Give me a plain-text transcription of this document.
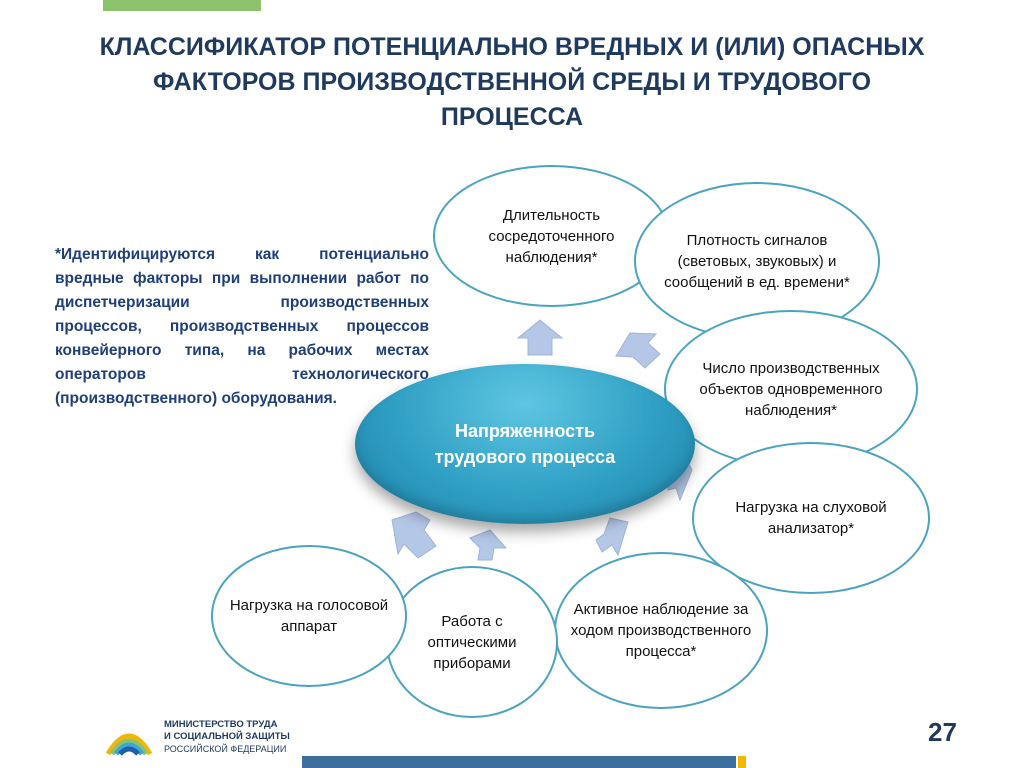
КЛАССИФИКАТОР ПОТЕНЦИАЛЬНО ВРЕДНЫХ И (ИЛИ) ОПАСНЫХ ФАКТОРОВ ПРОИЗВОДСТВЕННОЙ СРЕДЫ И ТРУДОВОГО ПРОЦЕССА
*Идентифицируются как потенциально вредные факторы при выполнении работ по диспетчеризации производственных процессов, производственных процессов конвейерного типа, на рабочих местах операторов технологического (производственного) оборудования.
Длительность сосредоточенного наблюдения*
Плотность сигналов (световых, звуковых) и сообщений в ед. времени*
Число производственных объектов одновременного наблюдения*
Нагрузка на слуховой анализатор*
Активное наблюдение за ходом производственного процесса*
Работа с оптическими приборами
Нагрузка на голосовой аппарат
Напряженность трудового процесса
МИНИСТЕРСТВО ТРУДА
И СОЦИАЛЬНОЙ ЗАЩИТЫ
РОССИЙСКОЙ ФЕДЕРАЦИИ
27
